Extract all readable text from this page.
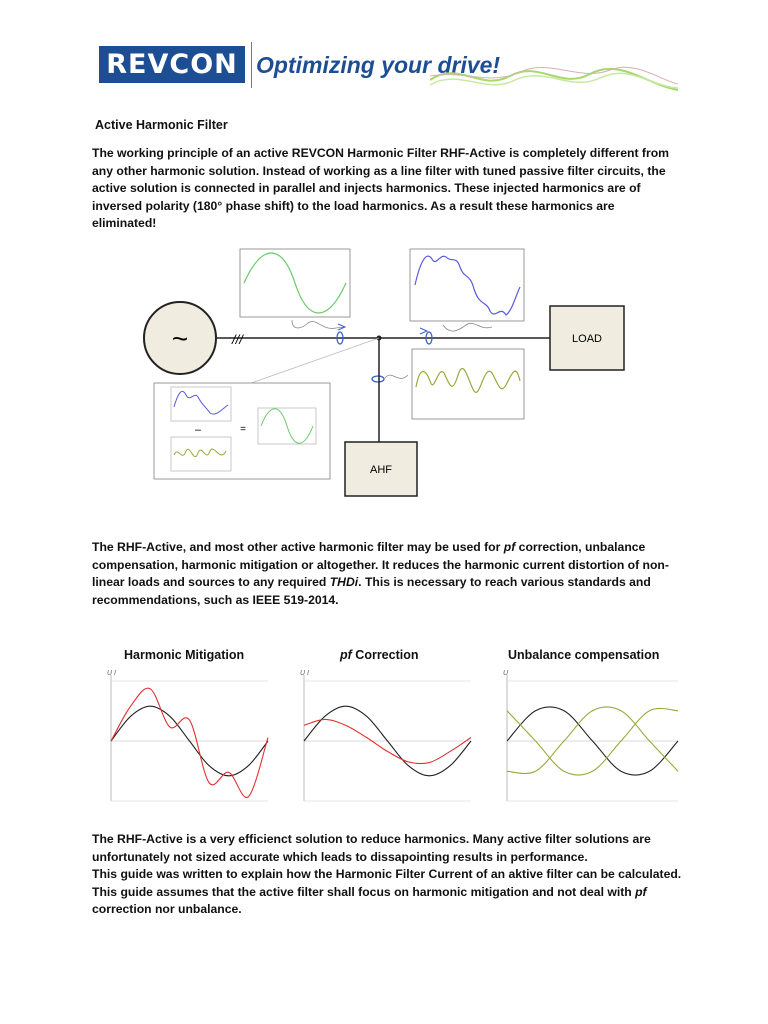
REVCON Optimizing your drive!
Active Harmonic Filter

The working principle of an active REVCON Harmonic Filter RHF-Active is completely different from any other harmonic solution. Instead of working as a line filter with tuned passive filter circuits, the active solution is connected in parallel and injects harmonics. These injected harmonics are of inversed polarity (180° phase shift) to the load harmonics. As a result these harmonics are eliminated!

~	///	LOAD
AHF
–	=

The RHF-Active, and most other active harmonic filter may be used for pf correction, unbalance compensation, harmonic mitigation or altogether. It reduces the harmonic current distortion of non-linear loads and sources to any required THDi. This is necessary to reach various standards and recommendations, such as IEEE 519-2014.

Harmonic Mitigation	pf Correction	Unbalance compensation
U I	U I	U

The RHF-Active is a very efficienct solution to reduce harmonics. Many active filter solutions are unfortunately not sized accurate which leads to dissapointing results in performance.

This guide was written to explain how the Harmonic Filter Current of an aktive filter can be calculated.

This guide assumes that the active filter shall focus on harmonic mitigation and not deal with pf correction nor unbalance.
